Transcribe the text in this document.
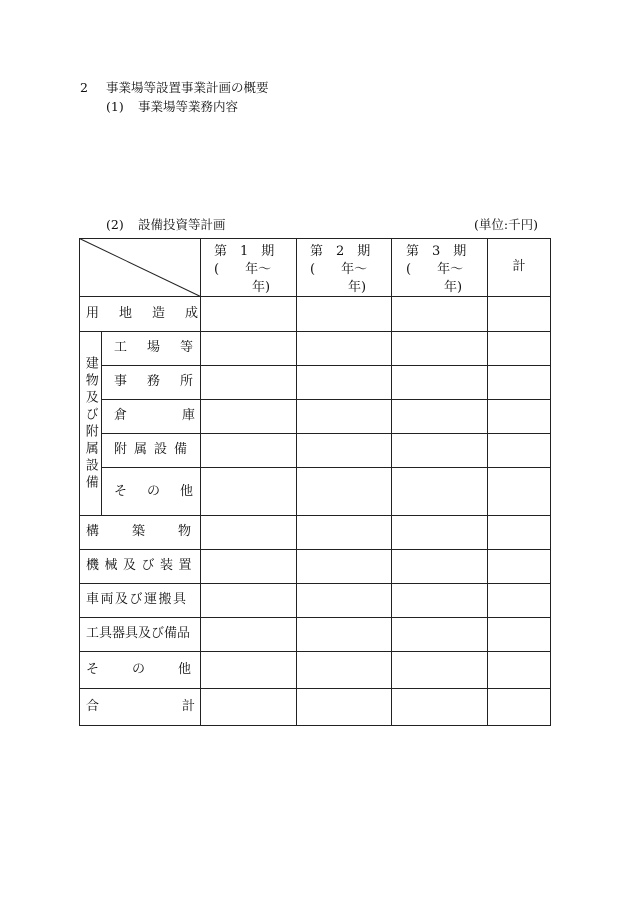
2 事業場等設置事業計画の概要
(1) 事業場等業務内容
(2) 設備投資等計画	(単位:千円)
第　1　期
(　　年～
年)
第　2　期
(　　年～
年)
第　3　期
(　　年～
年)
計
建物及び附属設備
用地造成
工場等
事務所
倉庫
附属設備
その他
構築物
機械及び装置
車両及び運搬具
工具器具及び備品
その他
合計
